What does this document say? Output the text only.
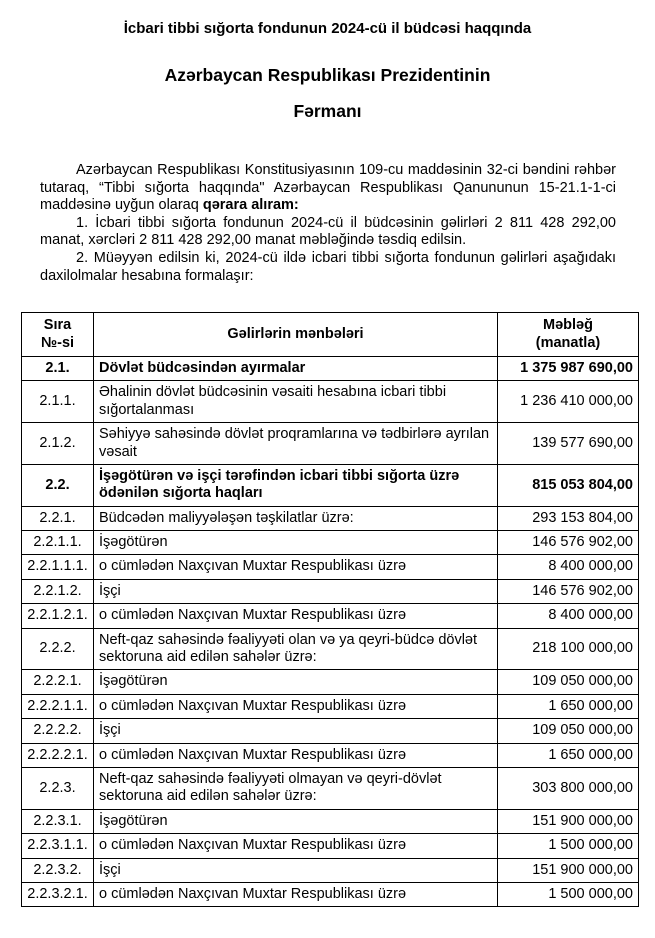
İcbari tibbi sığorta fondunun 2024-cü il büdcəsi haqqında
Azərbaycan Respublikası Prezidentinin
Fərmanı

Azərbaycan Respublikası Konstitusiyasının 109-cu maddəsinin 32-ci bəndini rəhbər tutaraq, “Tibbi sığorta haqqında" Azərbaycan Respublikası Qanununun 15-21.1-1-ci maddəsinə uyğun olaraq qərara alıram:

1. İcbari tibbi sığorta fondunun 2024-cü il büdcəsinin gəlirləri 2 811 428 292,00 manat, xərcləri 2 811 428 292,00 manat məbləğində təsdiq edilsin.

2. Müəyyən edilsin ki, 2024-cü ildə icbari tibbi sığorta fondunun gəlirləri aşağıdakı daxilolmalar hesabına formalaşır:

Sıra
№-si	Gəlirlərin mənbələri	Məbləğ
(manatla)
2.1.	Dövlət büdcəsindən ayırmalar	1 375 987 690,00
2.1.1.	Əhalinin dövlət büdcəsinin vəsaiti hesabına icbari tibbi sığortalanması	1 236 410 000,00
2.1.2.	Səhiyyə sahəsində dövlət proqramlarına və tədbirlərə ayrılan vəsait	139 577 690,00
2.2.	İşəgötürən və işçi tərəfindən icbari tibbi sığorta üzrə ödənilən sığorta haqları	815 053 804,00
2.2.1.	Büdcədən maliyyələşən təşkilatlar üzrə:	293 153 804,00
2.2.1.1.	İşəgötürən	146 576 902,00
2.2.1.1.1.	o cümlədən Naxçıvan Muxtar Respublikası üzrə	8 400 000,00
2.2.1.2.	İşçi	146 576 902,00
2.2.1.2.1.	o cümlədən Naxçıvan Muxtar Respublikası üzrə	8 400 000,00
2.2.2.	Neft-qaz sahəsində fəaliyyəti olan və ya qeyri-büdcə dövlət sektoruna aid edilən sahələr üzrə:	218 100 000,00
2.2.2.1.	İşəgötürən	109 050 000,00
2.2.2.1.1.	o cümlədən Naxçıvan Muxtar Respublikası üzrə	1 650 000,00
2.2.2.2.	İşçi	109 050 000,00
2.2.2.2.1.	o cümlədən Naxçıvan Muxtar Respublikası üzrə	1 650 000,00
2.2.3.	Neft-qaz sahəsində fəaliyyəti olmayan və qeyri-dövlət sektoruna aid edilən sahələr üzrə:	303 800 000,00
2.2.3.1.	İşəgötürən	151 900 000,00
2.2.3.1.1.	o cümlədən Naxçıvan Muxtar Respublikası üzrə	1 500 000,00
2.2.3.2.	İşçi	151 900 000,00
2.2.3.2.1.	o cümlədən Naxçıvan Muxtar Respublikası üzrə	1 500 000,00
